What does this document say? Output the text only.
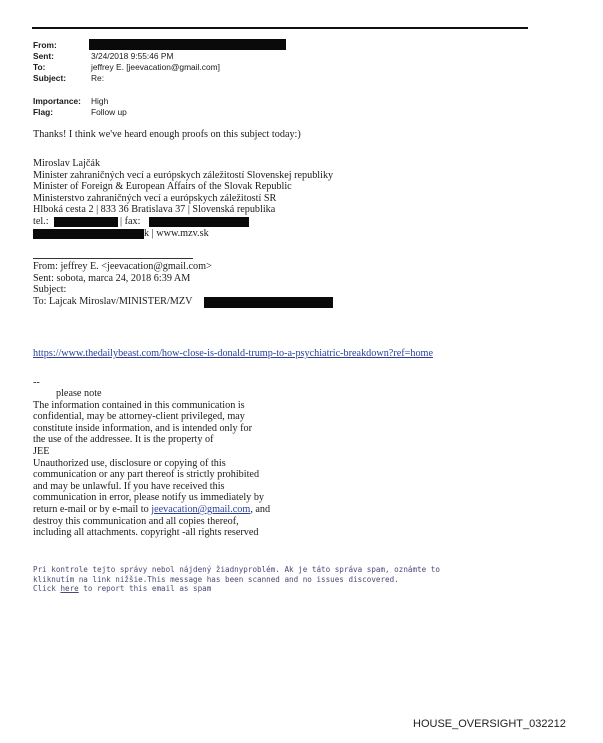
From:
Sent:	3/24/2018 9:55:46 PM
To:	jeffrey E. [jeevacation@gmail.com]
Subject:	Re:
Importance: High
Flag:	Follow up
Thanks! I think we've heard enough proofs on this subject today:)
Miroslav Lajčák
Minister zahraničných vecí a európskych záležitostí Slovenskej republiky
Minister of Foreign & European Affairs of the Slovak Republic
Ministerstvo zahraničných vecí a európskych záležitostí SR
Hlboká cesta 2 | 833 36 Bratislava 37 | Slovenská republika
tel.:	| fax:
k | www.mzv.sk
From: jeffrey E. <jeevacation@gmail.com>
Sent: sobota, marca 24, 2018 6:39 AM
Subject:
To: Lajcak Miroslav/MINISTER/MZV
https://www.thedailybeast.com/how-close-is-donald-trump-to-a-psychiatric-breakdown?ref=home
--
please note
The information contained in this communication is
confidential, may be attorney-client privileged, may
constitute inside information, and is intended only for
the use of the addressee. It is the property of
JEE
Unauthorized use, disclosure or copying of this
communication or any part thereof is strictly prohibited
and may be unlawful. If you have received this
communication in error, please notify us immediately by
return e-mail or by e-mail to jeevacation@gmail.com, and
destroy this communication and all copies thereof,
including all attachments. copyright -all rights reserved
Pri kontrole tejto správy nebol nájdený žiadnyproblém. Ak je táto správa spam, oznámte to
kliknutím na link nižšie.This message has been scanned and no issues discovered.
Click here to report this email as spam
HOUSE_OVERSIGHT_032212
